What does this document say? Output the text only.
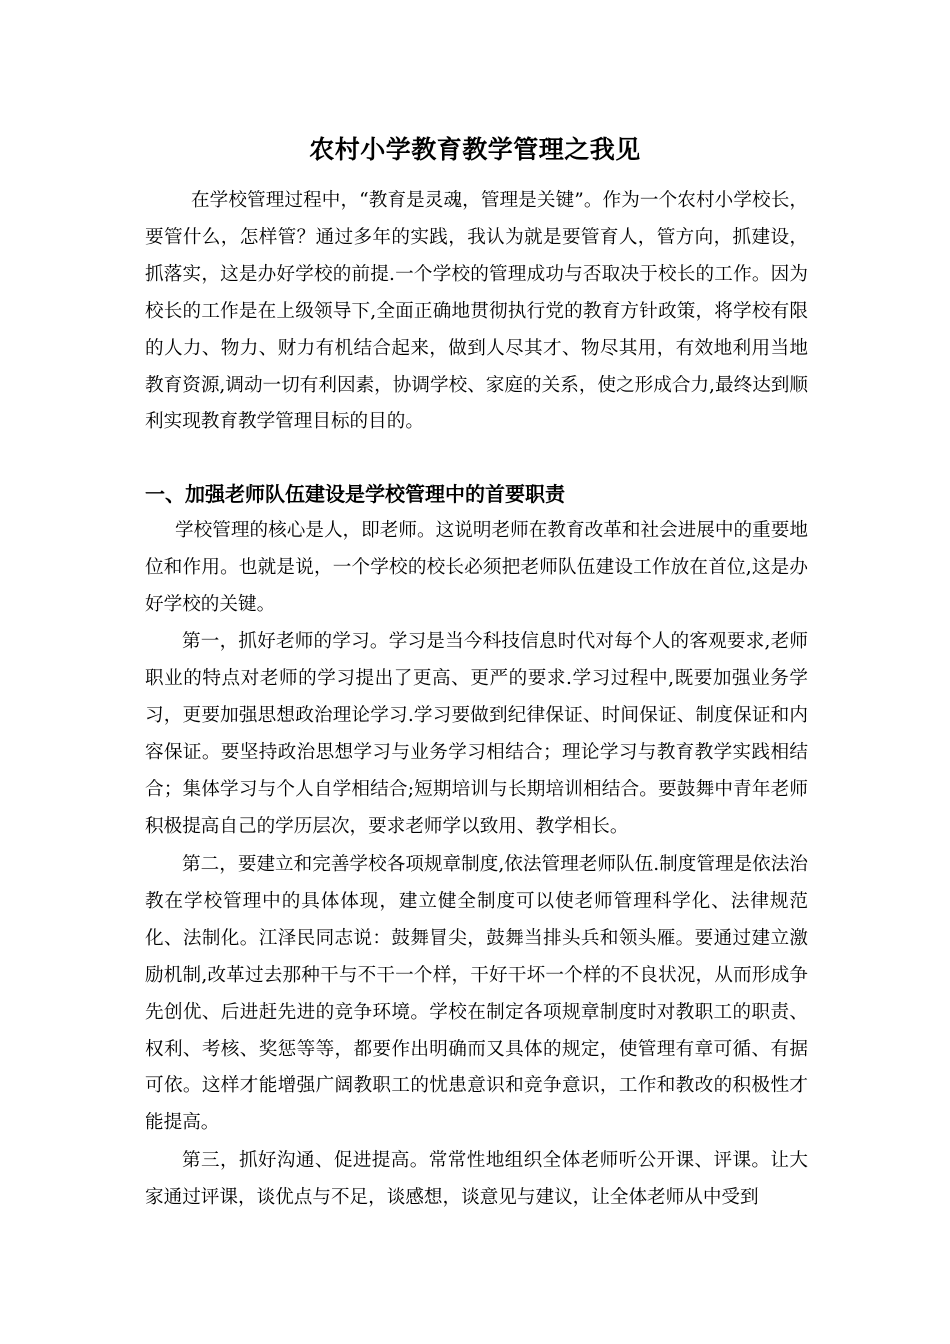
农村小学教育教学管理之我见

在学校管理过程中，“教育是灵魂，管理是关键”。作为一个农村小学校长，要管什么，怎样管？通过多年的实践，我认为就是要管育人，管方向，抓建设，抓落实，这是办好学校的前提.一个学校的管理成功与否取决于校长的工作。因为校长的工作是在上级领导下,全面正确地贯彻执行党的教育方针政策，将学校有限的人力、物力、财力有机结合起来，做到人尽其才、物尽其用，有效地利用当地教育资源,调动一切有利因素，协调学校、家庭的关系，使之形成合力,最终达到顺利实现教育教学管理目标的目的。

一、加强老师队伍建设是学校管理中的首要职责

学校管理的核心是人，即老师。这说明老师在教育改革和社会进展中的重要地位和作用。也就是说，一个学校的校长必须把老师队伍建设工作放在首位,这是办好学校的关键。

第一，抓好老师的学习。学习是当今科技信息时代对每个人的客观要求,老师职业的特点对老师的学习提出了更高、更严的要求.学习过程中,既要加强业务学习，更要加强思想政治理论学习.学习要做到纪律保证、时间保证、制度保证和内容保证。要坚持政治思想学习与业务学习相结合；理论学习与教育教学实践相结合；集体学习与个人自学相结合;短期培训与长期培训相结合。要鼓舞中青年老师积极提高自己的学历层次，要求老师学以致用、教学相长。

第二，要建立和完善学校各项规章制度,依法管理老师队伍.制度管理是依法治教在学校管理中的具体体现，建立健全制度可以使老师管理科学化、法律规范化、法制化。江泽民同志说：鼓舞冒尖，鼓舞当排头兵和领头雁。要通过建立激励机制,改革过去那种干与不干一个样，干好干坏一个样的不良状况，从而形成争先创优、后进赶先进的竞争环境。学校在制定各项规章制度时对教职工的职责、权利、考核、奖惩等等，都要作出明确而又具体的规定，使管理有章可循、有据可依。这样才能增强广阔教职工的忧患意识和竞争意识，工作和教改的积极性才能提高。

第三，抓好沟通、促进提高。常常性地组织全体老师听公开课、评课。让大家通过评课，谈优点与不足，谈感想，谈意见与建议，让全体老师从中受到
